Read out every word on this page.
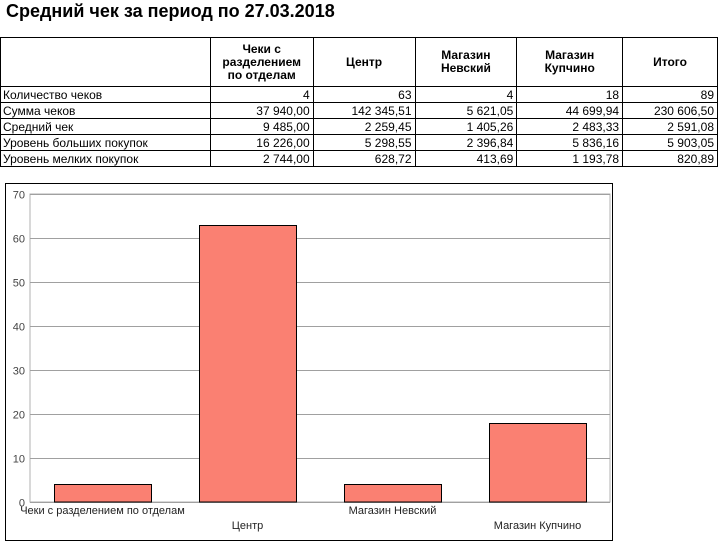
Средний чек за период по 27.03.2018
	Чеки с разделением по отделам	Центр	Магазин Невский	Магазин Купчино	Итого
Количество чеков	4	63	4	18	89
Сумма чеков	37 940,00	142 345,51	5 621,05	44 699,94	230 606,50
Средний чек	9 485,00	2 259,45	1 405,26	2 483,33	2 591,08
Уровень больших покупок	16 226,00	5 298,55	2 396,84	5 836,16	5 903,05
Уровень мелких покупок	2 744,00	628,72	413,69	1 193,78	820,89
0
10
20
30
40
50
60
70
Чеки с разделением по отделам
Центр
Магазин Невский
Магазин Купчино
